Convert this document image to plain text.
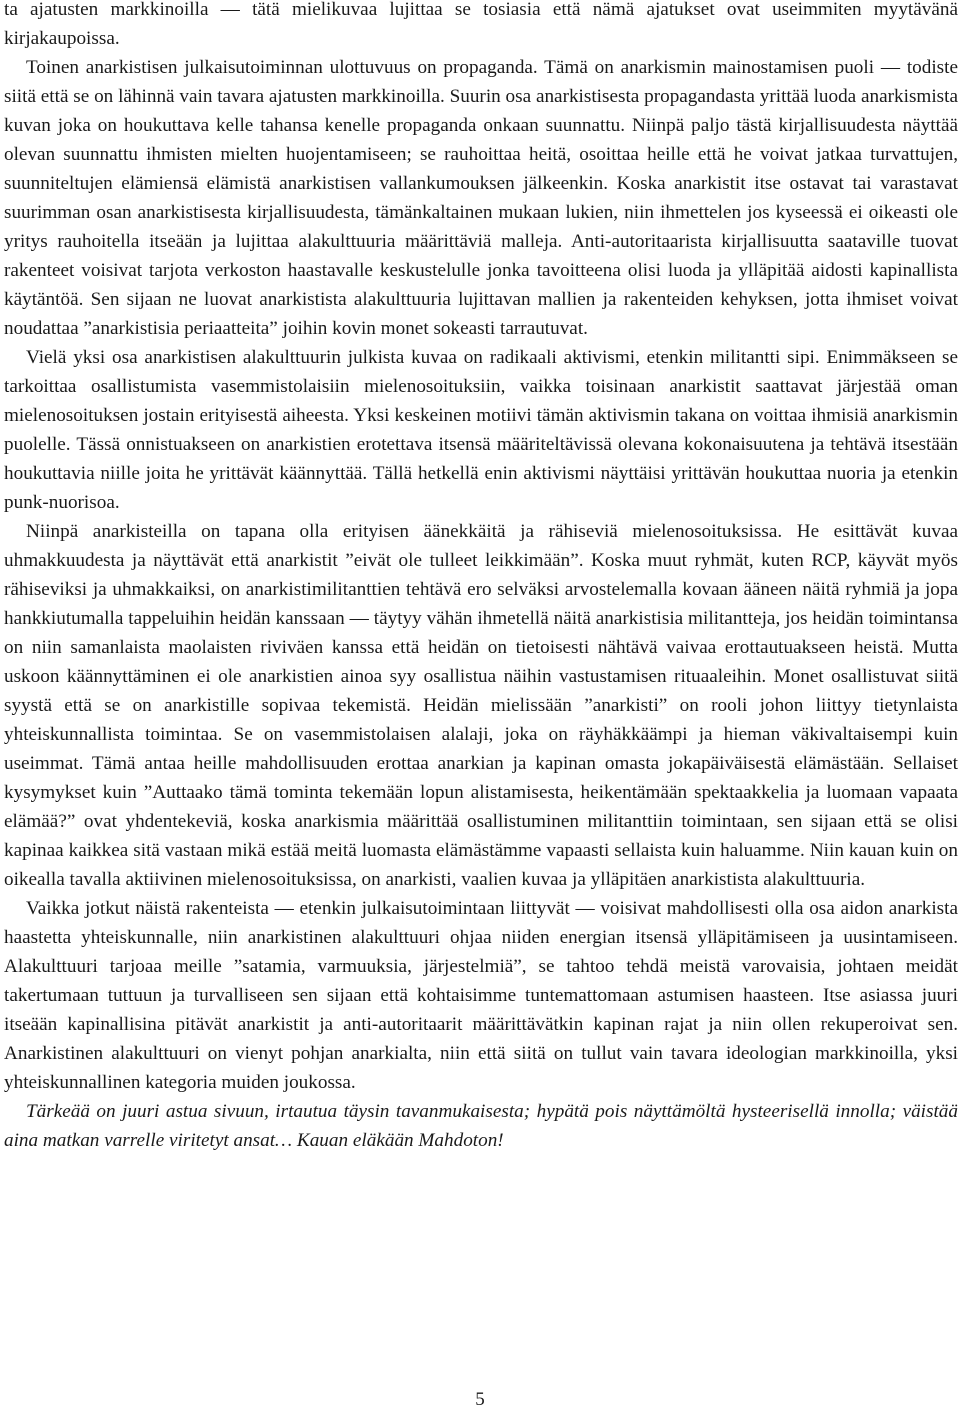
ta ajatusten markkinoilla ― tätä mielikuvaa lujittaa se tosiasia että nämä ajatukset ovat useimmiten myytävänä kirjakaupoissa.

Toinen anarkistisen julkaisutoiminnan ulottuvuus on propaganda. Tämä on anarkismin mainostamisen puoli ― todiste siitä että se on lähinnä vain tavara ajatusten markkinoilla. Suurin osa anarkistisesta propagandasta yrittää luoda anarkismista kuvan joka on houkuttava kelle tahansa kenelle propaganda onkaan suunnattu. Niinpä paljo tästä kirjallisuudesta näyttää olevan suunnattu ihmisten mielten huojentamiseen; se rauhoittaa heitä, osoittaa heille että he voivat jatkaa turvattujen, suunniteltujen elämiensä elämistä anarkistisen vallankumouksen jälkeenkin. Koska anarkistit itse ostavat tai varastavat suurimman osan anarkistisesta kirjallisuudesta, tämänkaltainen mukaan lukien, niin ihmettelen jos kyseessä ei oikeasti ole yritys rauhoitella itseään ja lujittaa alakulttuuria määrittäviä malleja. Anti-autoritaarista kirjallisuutta saataville tuovat rakenteet voisivat tarjota verkoston haastavalle keskustelulle jonka tavoitteena olisi luoda ja ylläpitää aidosti kapinallista käytäntöä. Sen sijaan ne luovat anarkistista alakulttuuria lujittavan mallien ja rakenteiden kehyksen, jotta ihmiset voivat noudattaa ”anarkistisia periaatteita” joihin kovin monet sokeasti tarrautuvat.

Vielä yksi osa anarkistisen alakulttuurin julkista kuvaa on radikaali aktivismi, etenkin militantti sipi. Enimmäkseen se tarkoittaa osallistumista vasemmistolaisiin mielenosoituksiin, vaikka toisinaan anarkistit saattavat järjestää oman mielenosoituksen jostain erityisestä aiheesta. Yksi keskeinen motiivi tämän aktivismin takana on voittaa ihmisiä anarkismin puolelle. Tässä onnistuakseen on anarkistien erotettava itsensä määriteltävissä olevana kokonaisuutena ja tehtävä itsestään houkuttavia niille joita he yrittävät käännyttää. Tällä hetkellä enin aktivismi näyttäisi yrittävän houkuttaa nuoria ja etenkin punk-nuorisoa.

Niinpä anarkisteilla on tapana olla erityisen äänekkäitä ja rähiseviä mielenosoituksissa. He esittävät kuvaa uhmakkuudesta ja näyttävät että anarkistit ”eivät ole tulleet leikkimään”. Koska muut ryhmät, kuten RCP, käyvät myös rähiseviksi ja uhmakkaiksi, on anarkistimilitanttien tehtävä ero selväksi arvostelemalla kovaan ääneen näitä ryhmiä ja jopa hankkiutumalla tappeluihin heidän kanssaan ― täytyy vähän ihmetellä näitä anarkistisia militantteja, jos heidän toimintansa on niin samanlaista maolaisten riviväen kanssa että heidän on tietoisesti nähtävä vaivaa erottautuakseen heistä. Mutta uskoon käännyttäminen ei ole anarkistien ainoa syy osallistua näihin vastustamisen rituaaleihin. Monet osallistuvat siitä syystä että se on anarkistille sopivaa tekemistä. Heidän mielissään ”anarkisti” on rooli johon liittyy tietynlaista yhteiskunnallista toimintaa. Se on vasemmistolaisen alalaji, joka on räyhäkkäämpi ja hieman väkivaltaisempi kuin useimmat. Tämä antaa heille mahdollisuuden erottaa anarkian ja kapinan omasta jokapäiväisestä elämästään. Sellaiset kysymykset kuin ”Auttaako tämä tominta tekemään lopun alistamisesta, heikentämään spektaakkelia ja luomaan vapaata elämää?” ovat yhdentekeviä, koska anarkismia määrittää osallistuminen militanttiin toimintaan, sen sijaan että se olisi kapinaa kaikkea sitä vastaan mikä estää meitä luomasta elämästämme vapaasti sellaista kuin haluamme. Niin kauan kuin on oikealla tavalla aktiivinen mielenosoituksissa, on anarkisti, vaalien kuvaa ja ylläpitäen anarkistista alakulttuuria.

Vaikka jotkut näistä rakenteista ― etenkin julkaisutoimintaan liittyvät ― voisivat mahdollisesti olla osa aidon anarkista haastetta yhteiskunnalle, niin anarkistinen alakulttuuri ohjaa niiden energian itsensä ylläpitämiseen ja uusintamiseen. Alakulttuuri tarjoaa meille ”satamia, varmuuksia, järjestelmiä”, se tahtoo tehdä meistä varovaisia, johtaen meidät takertumaan tuttuun ja turvalliseen sen sijaan että kohtaisimme tuntemattomaan astumisen haasteen. Itse asiassa juuri itseään kapinallisina pitävät anarkistit ja anti-autoritaarit määrittävätkin kapinan rajat ja niin ollen rekuperoivat sen. Anarkistinen alakulttuuri on vienyt pohjan anarkialta, niin että siitä on tullut vain tavara ideologian markkinoilla, yksi yhteiskunnallinen kategoria muiden joukossa.

Tärkeää on juuri astua sivuun, irtautua täysin tavanmukaisesta; hypätä pois näyttämöltä hysteerisellä innolla; väistää aina matkan varrelle viritetyt ansat… Kauan eläkään Mahdoton!

5
